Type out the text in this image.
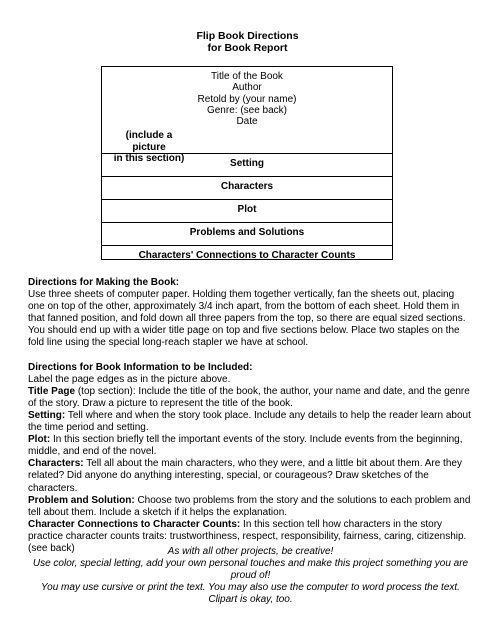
Flip Book Directions
for Book Report
Title of the Book
Author
Retold by (your name)
Genre: (see back)
Date
(include a picture
in this section)	Setting
Characters
Plot
Problems and Solutions
Characters' Connections to Character Counts

Directions for Making the Book:

Use three sheets of computer paper. Holding them together vertically, fan the sheets out, placing one on top of the other, approximately 3/4 inch apart, from the bottom of each sheet. Hold them in that fanned position, and fold down all three papers from the top, so there are equal sized sections. You should end up with a wider title page on top and five sections below. Place two staples on the fold line using the special long-reach stapler we have at school.

Directions for Book Information to be Included:

Label the page edges as in the picture above.

Title Page (top section): Include the title of the book, the author, your name and date, and the genre of the story. Draw a picture to represent the title of the book.

Setting: Tell where and when the story took place. Include any details to help the reader learn about the time period and setting.

Plot: In this section briefly tell the important events of the story. Include events from the beginning, middle, and end of the novel.

Characters: Tell all about the main characters, who they were, and a little bit about them. Are they related? Did anyone do anything interesting, special, or courageous? Draw sketches of the characters.

Problem and Solution: Choose two problems from the story and the solutions to each problem and tell about them. Include a sketch if it helps the explanation.

Character Connections to Character Counts: In this section tell how characters in the story practice character counts traits: trustworthiness, respect, responsibility, fairness, caring, citizenship. (see back)	As with all other projects, be creative!

Use color, special letting, add your own personal touches and make this project something you are proud of!

You may use cursive or print the text. You may also use the computer to word process the text. Clipart is okay, too.
